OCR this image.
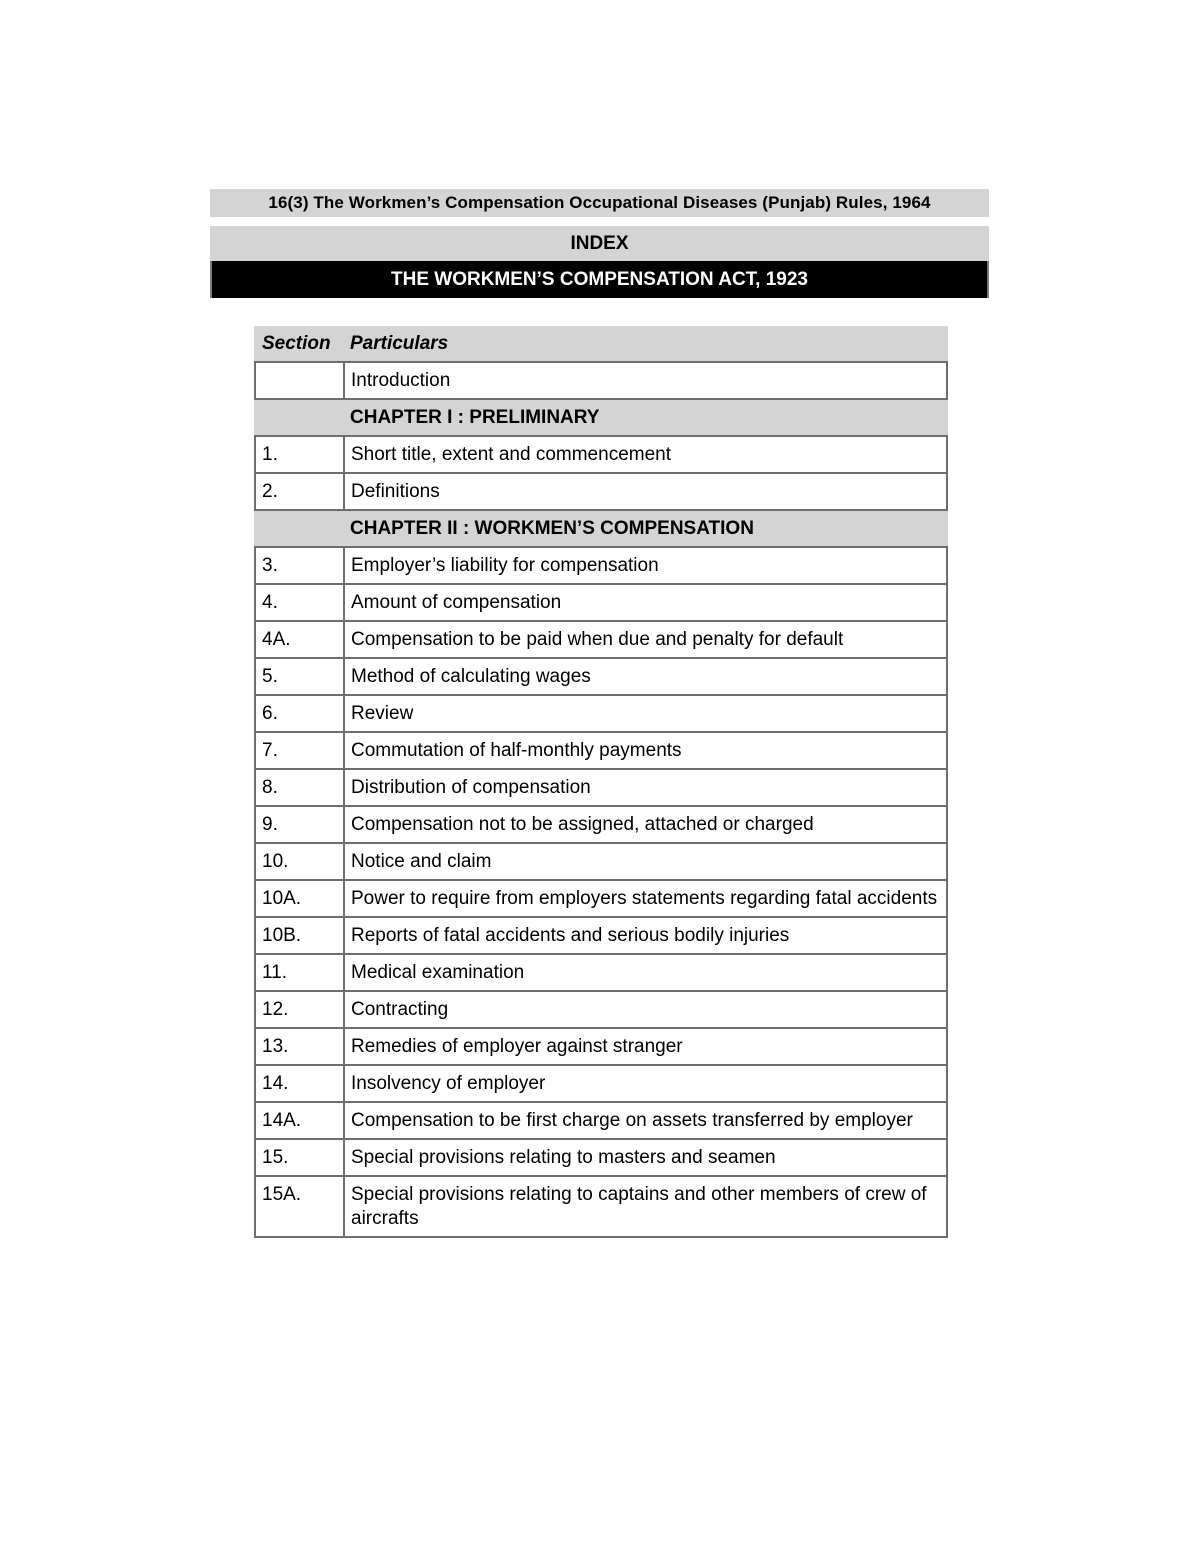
16(3) The Workmen’s Compensation Occupational Diseases (Punjab) Rules, 1964
INDEX
THE WORKMEN’S COMPENSATION ACT, 1923
Section	Particulars
	Introduction
	CHAPTER I : PRELIMINARY
1.	Short title, extent and commencement
2.	Definitions
	CHAPTER II : WORKMEN’S COMPENSATION
3.	Employer’s liability for compensation
4.	Amount of compensation
4A.	Compensation to be paid when due and penalty for default
5.	Method of calculating wages
6.	Review
7.	Commutation of half-monthly payments
8.	Distribution of compensation
9.	Compensation not to be assigned, attached or charged
10.	Notice and claim
10A.	Power to require from employers statements regarding fatal accidents
10B.	Reports of fatal accidents and serious bodily injuries
11.	Medical examination
12.	Contracting
13.	Remedies of employer against stranger
14.	Insolvency of employer
14A.	Compensation to be first charge on assets transferred by employer
15.	Special provisions relating to masters and seamen
15A.	Special provisions relating to captains and other members of crew of aircrafts
